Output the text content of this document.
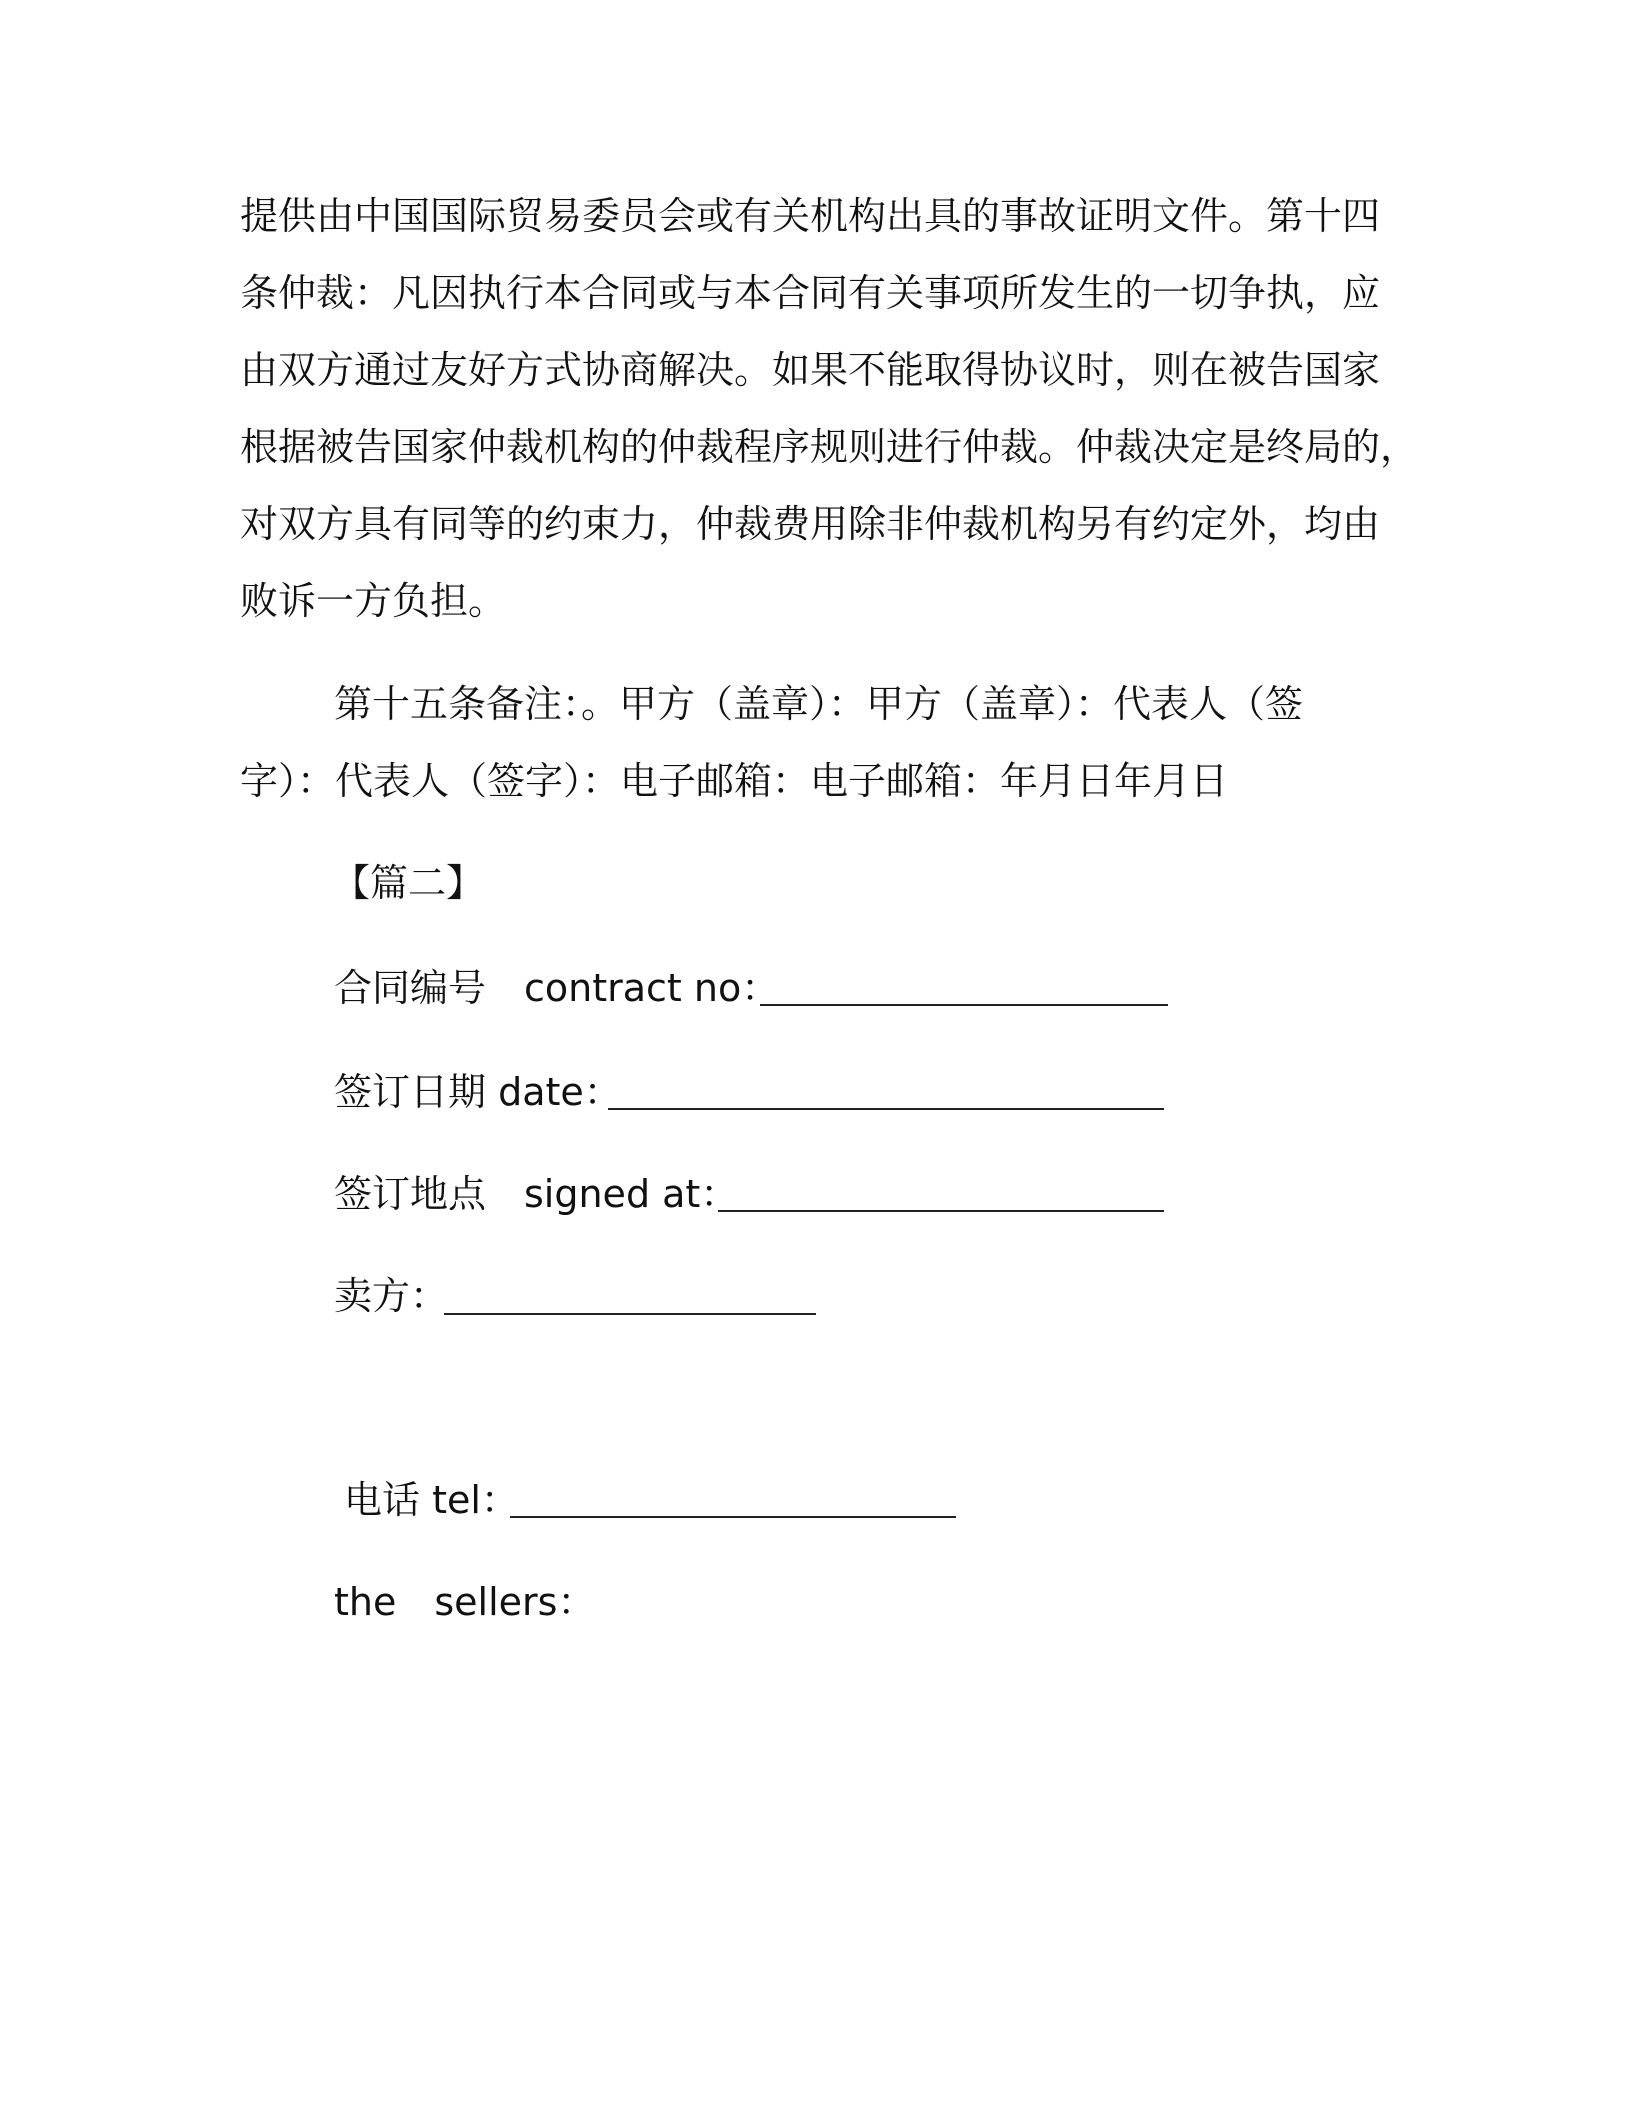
提供由中国国际贸易委员会或有关机构出具的事故证明文件。第十四
条仲裁：凡因执行本合同或与本合同有关事项所发生的一切争执，应
由双方通过友好方式协商解决。如果不能取得协议时，则在被告国家
根据被告国家仲裁机构的仲裁程序规则进行仲裁。仲裁决定是终局的，
对双方具有同等的约束力，仲裁费用除非仲裁机构另有约定外，均由
败诉一方负担。
第十五条备注：。甲方（盖章）：甲方（盖章）：代表人（签
字）：代表人（签字）：电子邮箱：电子邮箱：年月日年月日
【篇二】
合同编号　contract no：
签订日期 date：
签订地点　signed at：
卖方：
电话 tel：
the　sellers：
